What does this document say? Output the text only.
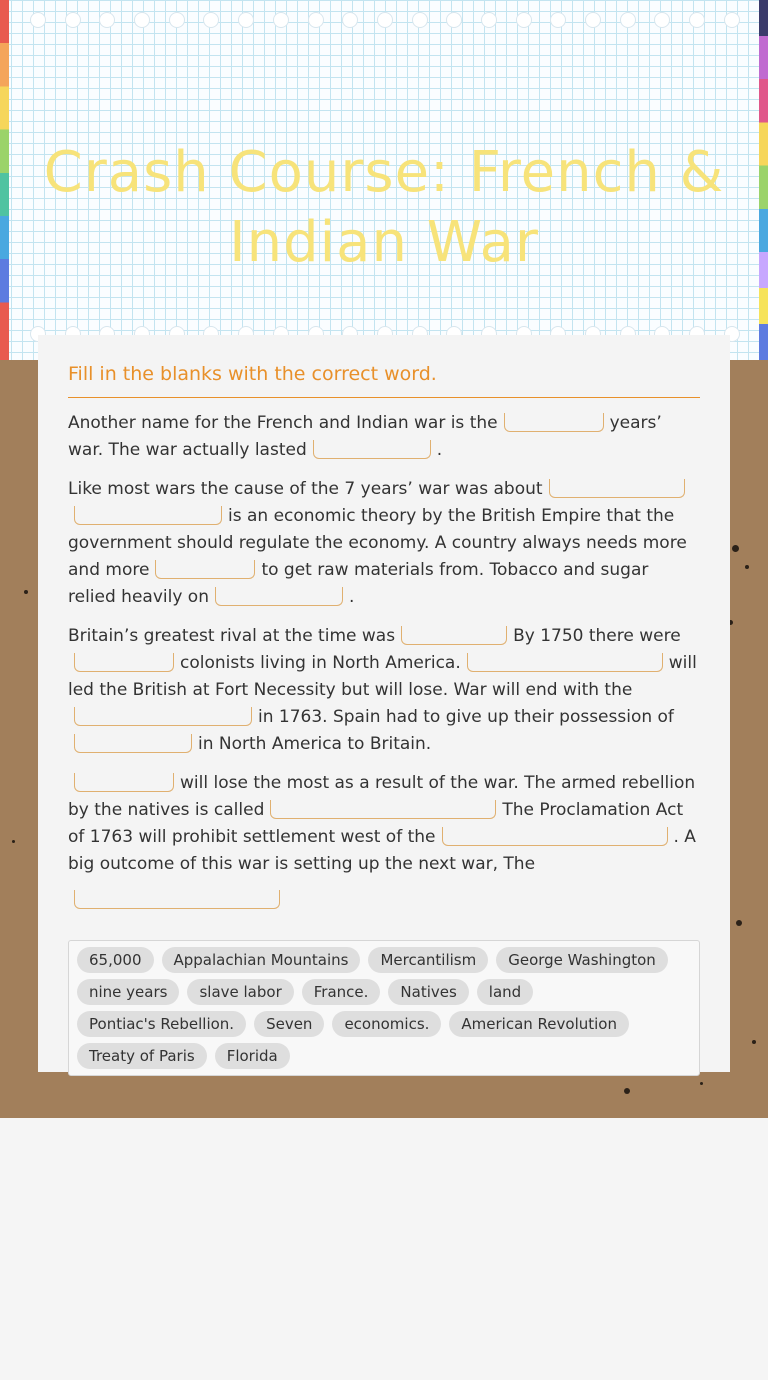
Crash Course: French & Indian War
Fill in the blanks with the correct word.

Another name for the French and Indian war is the	years’ war. The war actually lasted	.

Like most wars the cause of the 7 years’ war was aboutis an economic theory by the British Empire that the government should regulate the economy. A country always needs more and more	to get raw materials from. Tobacco and sugar relied heavily on	.

Britain’s greatest rival at the time was	By 1750 there werecolonists living in North America.	will led the British at Fort Necessity but will lose. War will end with thein 1763. Spain had to give up their possession ofin North America to Britain.

will lose the most as a result of the war. The armed rebellion by the natives is called	The Proclamation Act of 1763 will prohibit settlement west of the	. A big outcome of this war is setting up the next war, The

65,000	Appalachian Mountains	Mercantilism	George Washington
nine years	slave labor	France.	Natives	land
Pontiac's Rebellion.	Seven	economics.	American Revolution
Treaty of Paris	Florida
